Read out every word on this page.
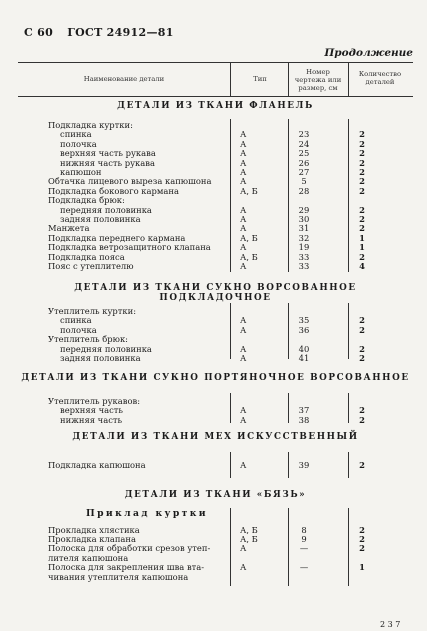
С 60 ГОСТ 24912—81
Продолжение
Наименование детали	Тип
Номер чертежа или размер, см
Количество деталей
ДЕТАЛИ ИЗ ТКАНИ ФЛАНЕЛЬ
Подкладка куртки:
спинка	А	23	2
полочка	А	24	2
верхняя часть рукава	А	25	2
нижняя часть рукава	А	26	2
капюшон	А	27	2
Обтачка лицевого выреза капюшона	А	5	2
Подкладка бокового кармана	А, Б	28	2
Подкладка брюк:
передняя половинка	А	29	2
задняя половинка	А	30	2
Манжета	А	31	2
Подкладка переднего кармана	А, Б	32	1
Подкладка ветрозащитного клапана	А	19	1
Подкладка пояса	А, Б	33	2
Пояс с утеплителю	А	33	4
ДЕТАЛИ ИЗ ТКАНИ СУКНО ВОРСОВАННОЕ ПОДКЛАДОЧНОЕ
Утеплитель куртки:
спинка	А	35	2
полочка	А	36	2
Утеплитель брюк:
передняя половинка	А	40	2
задняя половинка	А	41	2
ДЕТАЛИ ИЗ ТКАНИ СУКНО ПОРТЯНОЧНОЕ ВОРСОВАННОЕ
Утеплитель рукавов:
верхняя часть	А	37	2
нижняя часть	А	38	2
ДЕТАЛИ ИЗ ТКАНИ МЕХ ИСКУССТВЕННЫЙ
Подкладка капюшона	А	39	2
ДЕТАЛИ ИЗ ТКАНИ «БЯЗЬ»
Приклад куртки
Прокладка хлястика	А, Б	8	2
Прокладка клапана	А, Б	9	2
Полоска для обработки срезов утеп-	А	—	2
лителя капюшона
Полоска для закрепления шва вта-	А	—	1
чивания утеплителя капюшона
2 3 7
